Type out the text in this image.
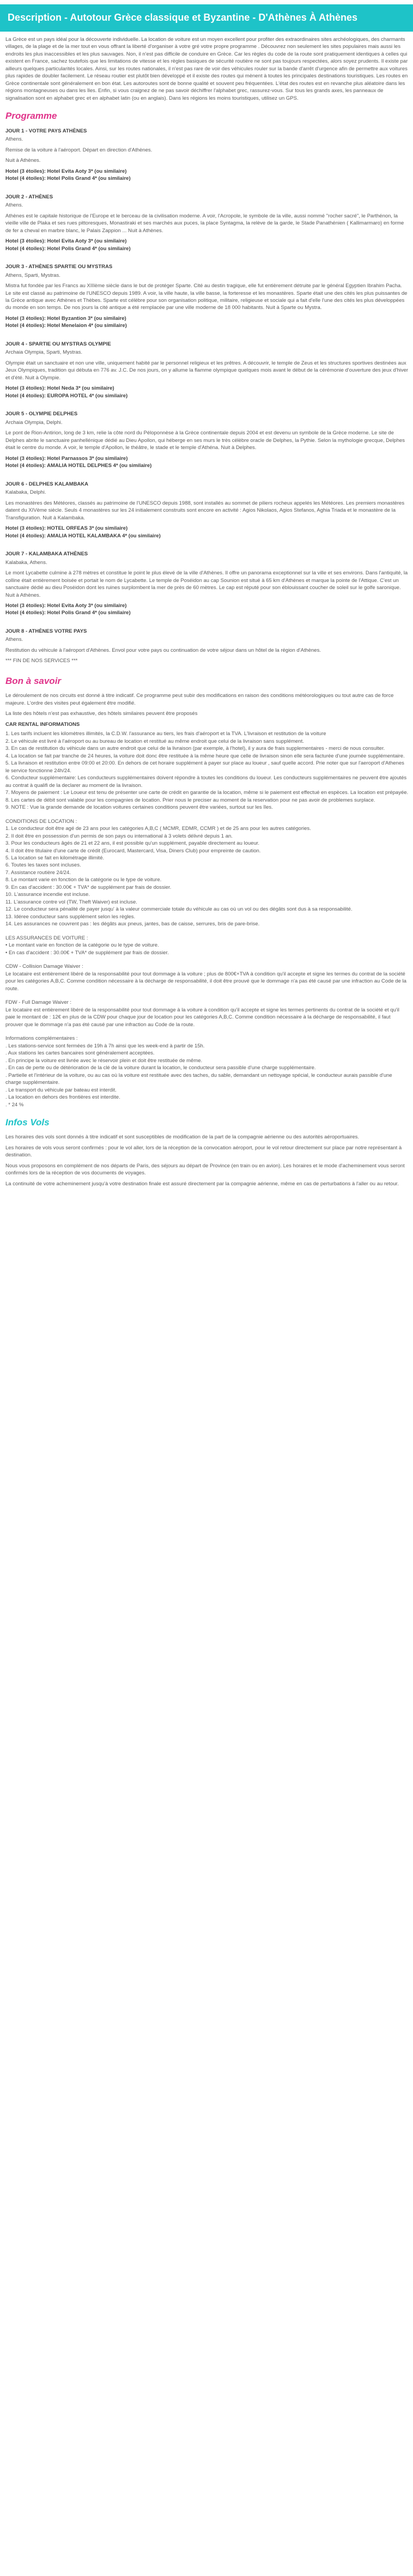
Description - Autotour Grèce classique et Byzantine - D'Athènes À Athènes

La Grèce est un pays idéal pour la découverte individuelle. La location de voiture est un moyen excellent pour profiter des extraordinaires sites archéologiques, des charmants villages, de la plage et de la mer tout en vous offrant la liberté d'organiser à votre gré votre propre programme . Découvrez non seulement les sites populaires mais aussi les endroits les plus inaccessibles et les plus sauvages. Non, il n'est pas difficile de conduire en Grèce. Car les règles du code de la route sont pratiquement identiques à celles qui existent en France, sachez toutefois que les limitations de vitesse et les règles basiques de sécurité routière ne sont pas toujours respectées, alors soyez prudents. Il existe par ailleurs quelques particularités locales. Ainsi, sur les routes nationales, il n'est pas rare de voir des véhicules rouler sur la bande d'arrêt d'urgence afin de permettre aux voitures plus rapides de doubler facilement. Le réseau routier est plutôt bien développé et il existe des routes qui mènent à toutes les principales destinations touristiques. Les routes en Grèce continentale sont généralement en bon état. Les autoroutes sont de bonne qualité et souvent peu fréquentées. L'état des routes est en revanche plus aléatoire dans les régions montagneuses ou dans les îles. Enfin, si vous craignez de ne pas savoir déchiffrer l'alphabet grec, rassurez-vous. Sur tous les grands axes, les panneaux de signalisation sont en alphabet grec et en alphabet latin (ou en anglais). Dans les régions les moins touristiques, utilisez un GPS.

Programme
JOUR 1 - VOTRE PAYS ATHÈNES
Athens.

Remise de la voiture à l'aéroport. Départ en direction d'Athènes.

Nuit à Athènes.

Hotel (3 étoiles): Hotel Evita Aoty 3* (ou similaire)
Hotel (4 étoiles): Hotel Polis Grand 4* (ou similaire)
JOUR 2 - ATHÈNES
Athens.

Athènes est le capitale historique de l'Europe et le berceau de la civilisation moderne. A voir, l'Acropole, le symbole de la ville, aussi nommé "rocher sacré", le Parthénon, la vieille ville de Plaka et ses rues pittoresques, Monastiraki et ses marchés aux puces, la place Syntagma, la relève de la garde, le Stade Panathénien ( Kallimarmaro) en forme de fer a cheval en marbre blanc, le Palais Zappion ... Nuit à Athènes.

Hotel (3 étoiles): Hotel Evita Aoty 3* (ou similaire)
Hotel (4 étoiles): Hotel Polis Grand 4* (ou similaire)
JOUR 3 - ATHÈNES SPARTIE OU MYSTRAS
Athens, Sparti, Mystras.

Mistra fut fondée par les Francs au XIIIème siècle dans le but de protéger Sparte. Cité au destin tragique, elle fut entièrement détruite par le général Egyptien Ibrahim Pacha. Le site est classé au patrimoine de l'UNESCO depuis 1989. A voir, la ville haute, la ville basse, la forteresse et les monastères. Sparte était une des cités les plus puissantes de la Grèce antique avec Athènes et Thèbes. Sparte est célèbre pour son organisation politique, militaire, religieuse et sociale qui a fait d'elle l'une des cités les plus développées du monde en son temps. De nos jours la cité antique a été remplacée par une ville moderne de 18 000 habitants. Nuit à Sparte ou Mystra.

Hotel (3 étoiles): Hotel Byzantion 3* (ou similaire)
Hotel (4 étoiles): Hotel Menelaion 4* (ou similaire)
JOUR 4 - SPARTIE OU MYSTRAS OLYMPIE
Archaia Olympia, Sparti, Mystras.

Olympie était un sanctuaire et non une ville, uniquement habité par le personnel religieux et les prêtres. A découvrir, le temple de Zeus et les structures sportives destinées aux Jeux Olympiques, tradition qui débuta en 776 av. J.C. De nos jours, on y allume la flamme olympique quelques mois avant le début de la cérémonie d'ouverture des jeux d'hiver et d'été. Nuit à Olympie.

Hotel (3 étoiles): Hotel Neda 3* (ou similaire)
Hotel (4 étoiles): EUROPA HOTEL 4* (ou similaire)
JOUR 5 - OLYMPIE DELPHES
Archaia Olympia, Delphi.

Le pont de Rion-Antirion, long de 3 km, relie la côte nord du Péloponnèse à la Grèce continentale depuis 2004 et est devenu un symbole de la Grèce moderne. Le site de Delphes abrite le sanctuaire panhellénique dédié au Dieu Apollon, qui héberge en ses murs le très célèbre oracle de Delphes, la Pythie. Selon la mythologie grecque, Delphes était le centre du monde. A voir, le temple d'Apollon, le théâtre, le stade et le temple d'Athéna. Nuit à Delphes.

Hotel (3 étoiles): Hotel Parnassos 3* (ou similaire)
Hotel (4 étoiles): AMALIA HOTEL DELPHES 4* (ou similaire)
JOUR 6 - DELPHES KALAMBAKA
Kalabaka, Delphi.

Les monastères des Météores, classés au patrimoine de l'UNESCO depuis 1988, sont installés au sommet de piliers rocheux appelés les Météores. Les premiers monastères datent du XIVème siècle. Seuls 4 monastères sur les 24 initialement construits sont encore en activité : Agios Nikolaos, Agios Stefanos, Aghia Triada et le monastère de la Transfiguration. Nuit à Kalambaka.

Hotel (3 étoiles): HOTEL ORFEAS 3* (ou similaire)
Hotel (4 étoiles): AMALIA HOTEL KALAMBAKA 4* (ou similaire)
JOUR 7 - KALAMBAKA ATHÈNES
Kalabaka, Athens.

Le mont Lycabette culmine à 278 mètres et constitue le point le plus élevé de la ville d'Athènes. Il offre un panorama exceptionnel sur la ville et ses environs. Dans l'antiquité, la colline était entièrement boisée et portait le nom de Lycabette. Le temple de Poséidon au cap Sounion est situé à 65 km d'Athènes et marque la pointe de l'Attique. C'est un sanctuaire dédié au dieu Poséidon dont les ruines surplombent la mer de près de 60 mètres. Le cap est réputé pour son éblouissant coucher de soleil sur le golfe saronique. Nuit à Athènes.

Hotel (3 étoiles): Hotel Evita Aoty 3* (ou similaire)
Hotel (4 étoiles): Hotel Polis Grand 4* (ou similaire)
JOUR 8 - ATHÈNES VOTRE PAYS
Athens.

Restitution du véhicule à l'aéroport d'Athènes. Envol pour votre pays ou continuation de votre séjour dans un hôtel de la région d'Athènes.

*** FIN DE NOS SERVICES ***

Bon à savoir

Le déroulement de nos circuits est donné à titre indicatif. Ce programme peut subir des modifications en raison des conditions météorologiques ou tout autre cas de force majeure. L'ordre des visites peut également être modifié.

La liste des hôtels n'est pas exhaustive, des hôtels similaires peuvent être proposés

CAR RENTAL INFORMATIONS
1. Les tarifs incluent les kilomètres illimités, la C.D.W. l'assurance au tiers, les frais d'aéroport et la TVA. L'livraison et restitution de la voiture
2. Le véhicule est livré à l'aéroport ou au bureau de location et restitué au même endroit que celui de la livraison sans supplément.
3. En cas de restitution du véhicule dans un autre endroit que celui de la livraison (par exemple, à l'hotel), il y aura de frais supplementaires - merci de nous consulter.
4. La location se fait par tranche de 24 heures, la voiture doit donc être restituée à la même heure que celle de livraison sinon elle sera facturée d'une journée supplémentaire.
5. La livraison et restitution entre 09:00 et 20:00. En dehors de cet horaire supplément à payer sur place au loueur , sauf quelle accord. Prie noter que sur l'aeroport d'Athenes le service fonctionne 24h/24.
6. Conducteur supplémentaire: Les conducteurs supplémentaires doivent répondre à toutes les conditions du loueur. Les conducteurs supplémentaires ne peuvent être ajoutés au contrat à qualifi de la declarer au moment de la livraison.
7. Moyens de paiement : Le Loueur est tenu de présenter une carte de crédit en garantie de la location, même si le paiement est effectué en espèces. La location est prépayée.
8. Les cartes de débit sont valable pour les compagnies de location. Prier nous le preciser au moment de la reservation pour ne pas avoir de problemes surplace.
9. NOTE : Vue la grande demande de location voitures certaines conditions peuvent être variées, surtout sur les îles.
CONDITIONS DE LOCATION :
1. Le conducteur doit être agé de 23 ans pour les catégories A,B,C ( MCMR, EDMR, CCMR ) et de 25 ans pour les autres catégories.
2. Il doit être en possession d'un permis de son pays ou international à 3 volets délivré depuis 1 an.
3. Pour les conducteurs âgés de 21 et 22 ans, il est possible qu'un supplément, payable directement au loueur.
4. Il doit être titulaire d'une carte de crédit (Eurocard, Mastercard, Visa, Diners Club) pour empreinte de caution.
5. La location se fait en kilométrage illimité.
6. Toutes les taxes sont incluses.
7. Assistance routière 24/24.
8. Le montant varie en fonction de la catégorie ou le type de voiture.
9. En cas d'accident : 30.00€ + TVA* de supplément par frais de dossier.
10. L'assurance incendie est incluse.
11. L'assurance contre vol (TW, Theft Waiver) est incluse.
12. Le conducteur sera pénalité de payer jusqu' à la valeur commerciale totale du véhicule au cas où un vol ou des dégâts sont dus à sa responsabilité.
13. Idéree conducteur sans supplément selon les règles.
14. Les assurances ne couvrent pas : les dégâts aux pneus, jantes, bas de caisse, serrures, bris de pare-brise.
LES ASSURANCES DE VOITURE :
• Le montant varie en fonction de la catégorie ou le type de voiture.
• En cas d'accident : 30.00€ + TVA* de supplément par frais de dossier.
CDW - Collision Damage Waiver :

Le locataire est entièrement libéré de la responsabilité pour tout dommage à la voiture ; plus de 800€+TVA à condition qu'il accepte et signe les termes du contrat de la société pour les catégories A,B,C. Comme condition nécessaire à la décharge de responsabilité, il doit être prouvé que le dommage n'a pas été causé par une infraction au Code de la route.

FDW - Full Damage Waiver :

Le locataire est entièrement libéré de la responsabilité pour tout dommage à la voiture à condition qu'il accepte et signe les termes pertinents du contrat de la société et qu'il paie le montant de : 12€ en plus de la CDW pour chaque jour de location pour les catégories A,B,C. Comme condition nécessaire à la décharge de responsabilité, il faut prouver que le dommage n'a pas été causé par une infraction au Code de la route.

Informations complémentaires :
. Les stations-service sont fermées de 19h à 7h ainsi que les week-end à partir de 15h.
. Aux stations les cartes bancaires sont généralement acceptées.
. En principe la voiture est livrée avec le réservoir plein et doit être restituée de même.
. En cas de perte ou de détérioration de la clé de la voiture durant la location, le conducteur sera passible d'une charge supplémentaire.
. Partielle et l'intérieur de la voiture, ou au cas où la voiture est restituée avec des taches, du sable, demandant un nettoyage spécial, le conducteur aurais passible d'une charge supplémentaire.
. Le transport du véhicule par bateau est interdit.
. La location en dehors des frontières est interdite.
. * 24 %
Infos Vols

Les horaires des vols sont donnés à titre indicatif et sont susceptibles de modification de la part de la compagnie aérienne ou des autorités aéroportuaires.

Les horaires de vols vous seront confirmés : pour le vol aller, lors de la réception de la convocation aéroport, pour le vol retour directement sur place par notre représentant à destination.

Nous vous proposons en complément de nos départs de Paris, des séjours au départ de Province (en train ou en avion). Les horaires et le mode d'acheminement vous seront confirmés lors de la réception de vos documents de voyages.

La continuité de votre acheminement jusqu'à votre destination finale est assuré directement par la compagnie aérienne, même en cas de perturbations à l'aller ou au retour.
